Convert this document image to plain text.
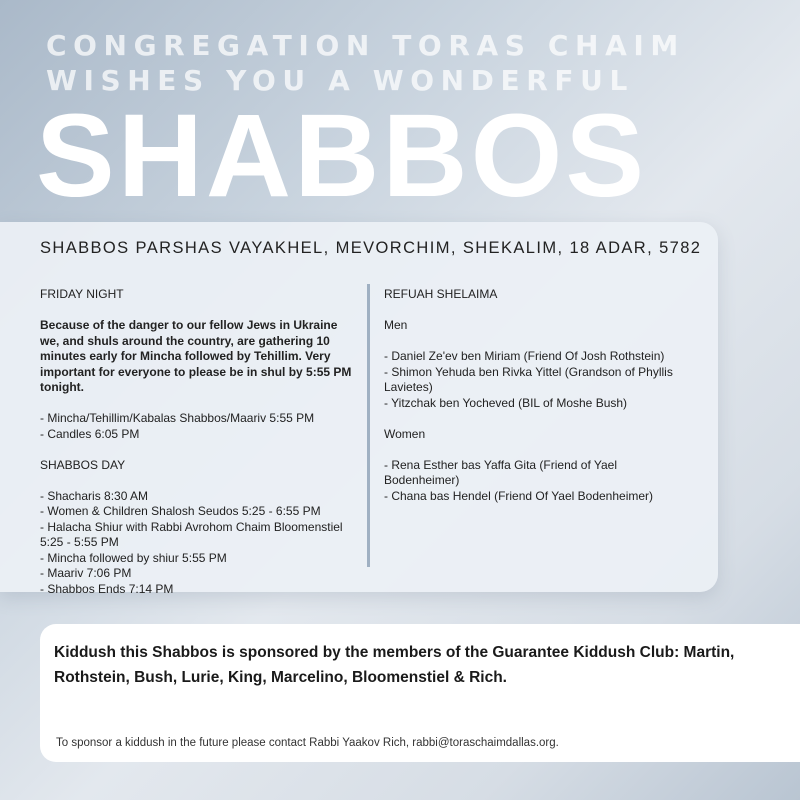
CONGREGATION TORAS CHAIM
WISHES YOU A WONDERFUL
SHABBOS
SHABBOS PARSHAS VAYAKHEL, MEVORCHIM, SHEKALIM, 18 ADAR, 5782

FRIDAY NIGHT

Because of the danger to our fellow Jews in Ukraine we, and shuls around the country, are gathering 10 minutes early for Mincha followed by Tehillim. Very important for everyone to please be in shul by 5:55 PM tonight.

- Mincha/Tehillim/Kabalas Shabbos/Maariv 5:55 PM

- Candles 6:05 PM

SHABBOS DAY

- Shacharis 8:30 AM

- Women & Children Shalosh Seudos 5:25 - 6:55 PM

- Halacha Shiur with Rabbi Avrohom Chaim Bloomenstiel 5:25 - 5:55 PM

- Mincha followed by shiur 5:55 PM

- Maariv 7:06 PM

- Shabbos Ends 7:14 PM

REFUAH SHELAIMA

Men

- Daniel Ze'ev ben Miriam (Friend Of Josh Rothstein)

- Shimon Yehuda ben Rivka Yittel (Grandson of Phyllis Lavietes)

- Yitzchak ben Yocheved (BIL of Moshe Bush)

Women

- Rena Esther bas Yaffa Gita (Friend of Yael Bodenheimer)

- Chana bas Hendel (Friend Of Yael Bodenheimer)

Kiddush this Shabbos is sponsored by the members of the Guarantee Kiddush Club: Martin, Rothstein, Bush, Lurie, King, Marcelino, Bloomenstiel & Rich.
To sponsor a kiddush in the future please contact Rabbi Yaakov Rich, rabbi@toraschaimdallas.org.
